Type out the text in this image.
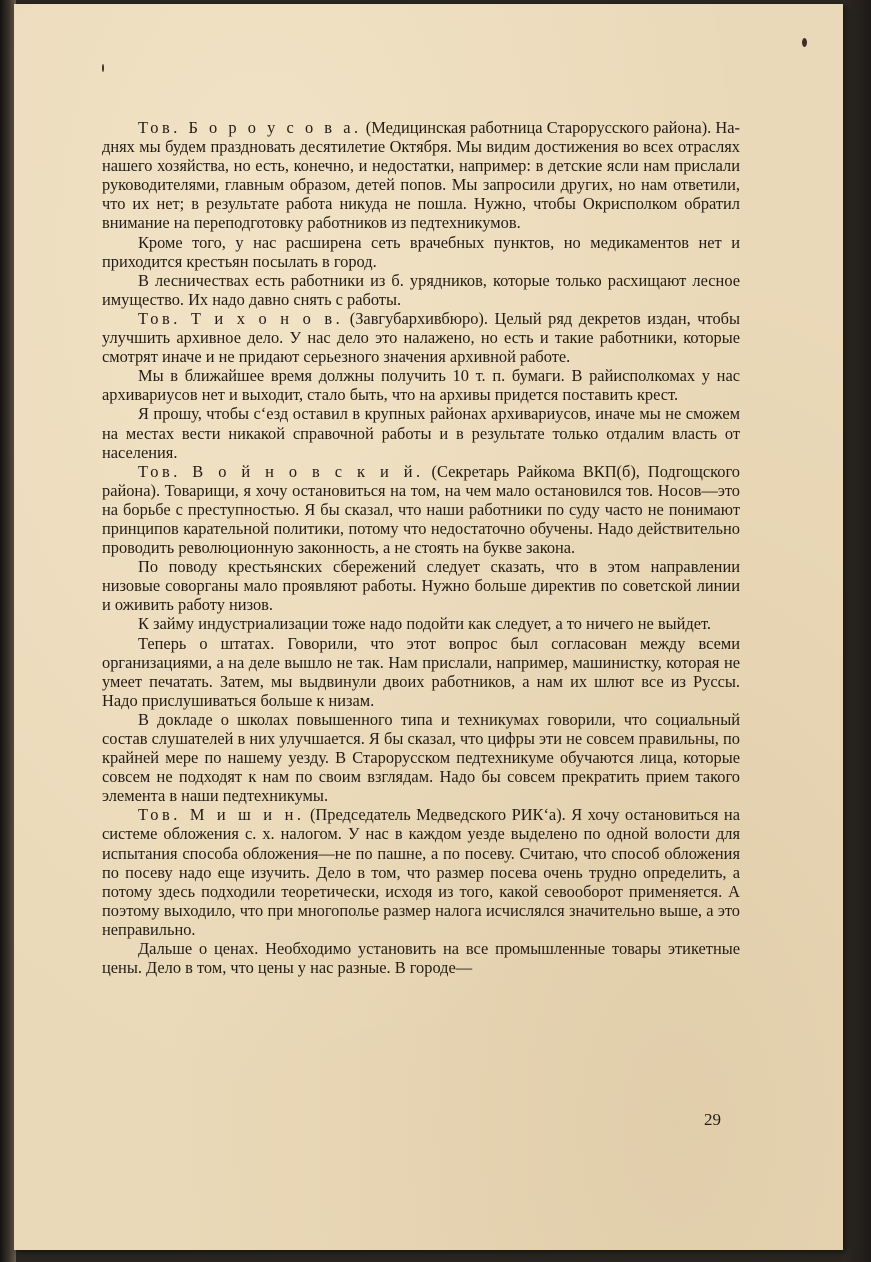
Тов. Б о р о у с о в а. (Медицинская работница Старорусского района). На-днях мы будем праздновать десятилетие Октября. Мы видим достижения во всех отраслях нашего хозяйства, но есть, конечно, и недостатки, например: в детские ясли нам прислали руководителями, главным образом, детей попов. Мы запросили других, но нам ответили, что их нет; в результате работа никуда не пошла. Нужно, чтобы Окрисполком обратил внимание на переподготовку работников из педтехникумов.

Кроме того, у нас расширена сеть врачебных пунктов, но медикаментов нет и приходится крестьян посылать в город.

В лесничествах есть работники из б. урядников, которые только расхищают лесное имущество. Их надо давно снять с работы.

Тов. Т и х о н о в. (Завгубархивбюро). Целый ряд декретов издан, чтобы улучшить архивное дело. У нас дело это налажено, но есть и такие работники, которые смотрят иначе и не придают серьезного значения архивной работе.

Мы в ближайшее время должны получить 10 т. п. бумаги. В райисполкомах у нас архивариусов нет и выходит, стало быть, что на архивы придется поставить крест.

Я прошу, чтобы с‘езд оставил в крупных районах архивариусов, иначе мы не сможем на местах вести никакой справочной работы и в результате только отдалим власть от населения.

Тов. В о й н о в с к и й. (Секретарь Райкома ВКП(б), Подгощского района). Товарищи, я хочу остановиться на том, на чем мало остановился тов. Носов—это на борьбе с преступностью. Я бы сказал, что наши работники по суду часто не понимают принципов карательной политики, потому что недостаточно обучены. Надо действительно проводить революционную законность, а не стоять на букве закона.

По поводу крестьянских сбережений следует сказать, что в этом направлении низовые соворганы мало проявляют работы. Нужно больше директив по советской линии и оживить работу низов.

К займу индустриализации тоже надо подойти как следует, а то ничего не выйдет.

Теперь о штатах. Говорили, что этот вопрос был согласован между всеми организациями, а на деле вышло не так. Нам прислали, например, машинистку, которая не умеет печатать. Затем, мы выдвинули двоих работников, а нам их шлют все из Руссы. Надо прислушиваться больше к низам.

В докладе о школах повышенного типа и техникумах говорили, что социальный состав слушателей в них улучшается. Я бы сказал, что цифры эти не совсем правильны, по крайней мере по нашему уезду. В Старорусском педтехникуме обучаются лица, которые совсем не подходят к нам по своим взглядам. Надо бы совсем прекратить прием такого элемента в наши педтехникумы.

Тов. М и ш и н. (Председатель Медведского РИК‘а). Я хочу остановиться на системе обложения с. х. налогом. У нас в каждом уезде выделено по одной волости для испытания способа обложения—не по пашне, а по посеву. Считаю, что способ обложения по посеву надо еще изучить. Дело в том, что размер посева очень трудно определить, а потому здесь подходили теоретически, исходя из того, какой севооборот применяется. А поэтому выходило, что при многополье размер налога исчислялся значительно выше, а это неправильно.

Дальше о ценах. Необходимо установить на все промышленные товары этикетные цены. Дело в том, что цены у нас разные. В городе—

29
